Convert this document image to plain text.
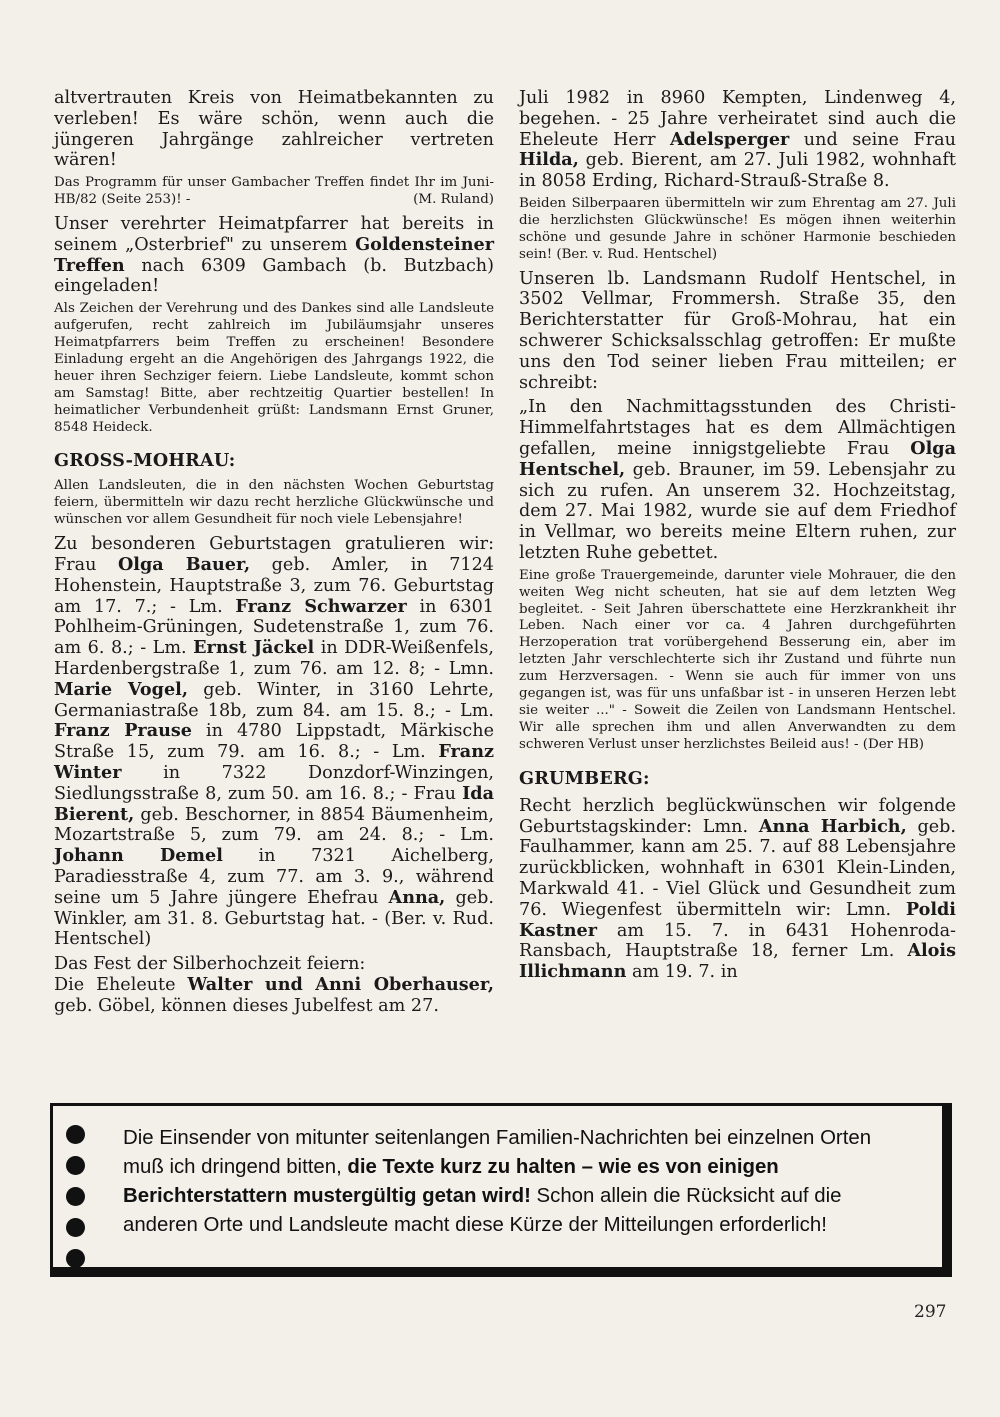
altvertrauten Kreis von Heimatbekannten zu verleben! Es wäre schön, wenn auch die jüngeren Jahrgänge zahlreicher vertreten wären!

Das Programm für unser Gambacher Treffen findet Ihr im Juni-HB/82 (Seite 253)! -	(M. Ruland)

Unser verehrter Heimatpfarrer hat bereits in seinem „Osterbrief" zu unserem Goldensteiner Treffen nach 6309 Gambach (b. Butzbach) eingeladen!

Als Zeichen der Verehrung und des Dankes sind alle Landsleute aufgerufen, recht zahlreich im Jubiläumsjahr unseres Heimatpfarrers beim Treffen zu erscheinen! Besondere Einladung ergeht an die Angehörigen des Jahrgangs 1922, die heuer ihren Sechziger feiern. Liebe Landsleute, kommt schon am Samstag! Bitte, aber rechtzeitig Quartier bestellen! In heimatlicher Verbundenheit grüßt: Landsmann Ernst Gruner, 8548 Heideck.

GROSS-MOHRAU:

Allen Landsleuten, die in den nächsten Wochen Geburtstag feiern, übermitteln wir dazu recht herzliche Glückwünsche und wünschen vor allem Gesundheit für noch viele Lebensjahre!

Zu besonderen Geburtstagen gratulieren wir: Frau Olga Bauer, geb. Amler, in 7124 Hohenstein, Hauptstraße 3, zum 76. Geburtstag am 17. 7.; - Lm. Franz Schwarzer in 6301 Pohlheim-Grüningen, Sudetenstraße 1, zum 76. am 6. 8.; - Lm. Ernst Jäckel in DDR-Weißenfels, Hardenbergstraße 1, zum 76. am 12. 8; - Lmn. Marie Vogel, geb. Winter, in 3160 Lehrte, Germaniastraße 18b, zum 84. am 15. 8.; - Lm. Franz Prause in 4780 Lippstadt, Märkische Straße 15, zum 79. am 16. 8.; - Lm. Franz Winter in 7322 Donzdorf-Winzingen, Siedlungsstraße 8, zum 50. am 16. 8.; - Frau Ida Bierent, geb. Beschorner, in 8854 Bäumenheim, Mozartstraße 5, zum 79. am 24. 8.; - Lm. Johann Demel in 7321 Aichelberg, Paradiesstraße 4, zum 77. am 3. 9., während seine um 5 Jahre jüngere Ehefrau Anna, geb. Winkler, am 31. 8. Geburtstag hat. - (Ber. v. Rud. Hentschel)

Das Fest der Silberhochzeit feiern:

Die Eheleute Walter und Anni Oberhauser, geb. Göbel, können dieses Jubelfest am 27.

Juli 1982 in 8960 Kempten, Lindenweg 4, begehen. - 25 Jahre verheiratet sind auch die Eheleute Herr Adelsperger und seine Frau Hilda, geb. Bierent, am 27. Juli 1982, wohnhaft in 8058 Erding, Richard-Strauß-Straße 8.

Beiden Silberpaaren übermitteln wir zum Ehrentag am 27. Juli die herzlichsten Glückwünsche! Es mögen ihnen weiterhin schöne und gesunde Jahre in schöner Harmonie beschieden sein! (Ber. v. Rud. Hentschel)

Unseren lb. Landsmann Rudolf Hentschel, in 3502 Vellmar, Frommersh. Straße 35, den Berichterstatter für Groß-Mohrau, hat ein schwerer Schicksalsschlag getroffen: Er mußte uns den Tod seiner lieben Frau mitteilen; er schreibt:

„In den Nachmittagsstunden des Christi-Himmelfahrtstages hat es dem Allmächtigen gefallen, meine innigstgeliebte Frau Olga Hentschel, geb. Brauner, im 59. Lebensjahr zu sich zu rufen. An unserem 32. Hochzeitstag, dem 27. Mai 1982, wurde sie auf dem Friedhof in Vellmar, wo bereits meine Eltern ruhen, zur letzten Ruhe gebettet.

Eine große Trauergemeinde, darunter viele Mohrauer, die den weiten Weg nicht scheuten, hat sie auf dem letzten Weg begleitet. - Seit Jahren überschattete eine Herzkrankheit ihr Leben. Nach einer vor ca. 4 Jahren durchgeführten Herzoperation trat vorübergehend Besserung ein, aber im letzten Jahr verschlechterte sich ihr Zustand und führte nun zum Herzversagen. - Wenn sie auch für immer von uns gegangen ist, was für uns unfaßbar ist - in unseren Herzen lebt sie weiter ..." - Soweit die Zeilen von Landsmann Hentschel. Wir alle sprechen ihm und allen Anverwandten zu dem schweren Verlust unser herzlichstes Beileid aus! - (Der HB)

GRUMBERG:

Recht herzlich beglückwünschen wir folgende Geburtstagskinder: Lmn. Anna Harbich, geb. Faulhammer, kann am 25. 7. auf 88 Lebensjahre zurückblicken, wohnhaft in 6301 Klein-Linden, Markwald 41. - Viel Glück und Gesundheit zum 76. Wiegenfest übermitteln wir: Lmn. Poldi Kastner am 15. 7. in 6431 Hohenroda-Ransbach, Hauptstraße 18, ferner Lm. Alois Illichmann am 19. 7. in

Die Einsender von mitunter seitenlangen Familien-Nachrichten bei einzelnen Orten muß ich dringend bitten, die Texte kurz zu halten – wie es von einigen Berichterstattern mustergültig getan wird! Schon allein die Rücksicht auf die anderen Orte und Landsleute macht diese Kürze der Mitteilungen erforderlich!
297
